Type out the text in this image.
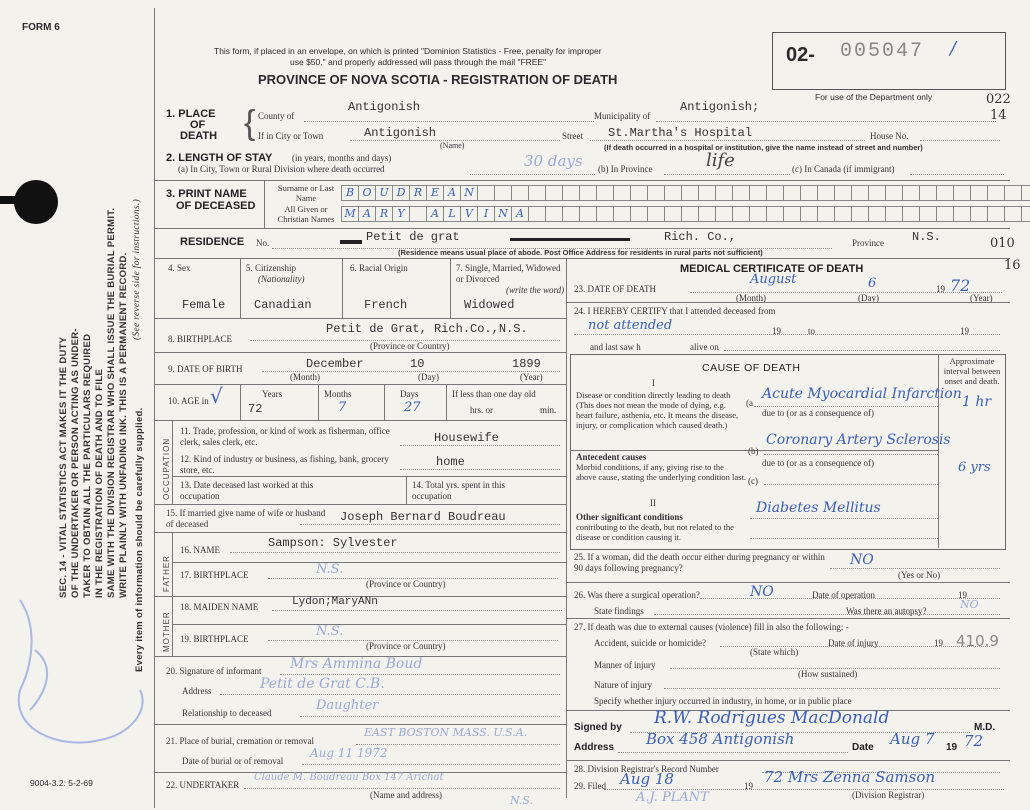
FORM 6
9004-3.2: 5-2-69
SEC. 14 - VITAL STATISTICS ACT MAKES IT THE DUTY OF THE UNDERTAKER OR PERSON ACTING AS UNDER- TAKER TO OBTAIN ALL THE PARTICULARS REQUIRED IN THE REGISTRATION OF DEATH AND TO FILE SAME WITH THE DIVISION REGISTRAR WHO SHALL ISSUE THE BURIAL PERMIT. WRITE PLAINLY WITH UNFADING INK. THIS IS A PERMANENT RECORD. (See reverse side for instructions.)
Every item of information should be carefully supplied.
This form, if placed in an envelope, on which is printed "Dominion Statistics - Free, penalty for improper
use $50," and properly addressed will pass through the mail "FREE"
PROVINCE OF NOVA SCOTIA - REGISTRATION OF DEATH
02- 005047 /
For use of the Department only	022
14
010
16
1. PLACE
OF
DEATH { County of
Antigonish
Municipality of
Antigonish;
If in City or Town	Antigonish
(Name)
Street St.Martha's Hospital	House No.
(If death occurred in a hospital or institution, give the name instead of street and number)
2. LENGTH OF STAY (in years, months and days)
(a) In City, Town or Rural Division where death occurred	30 days (b) In Province	life	(c) In Canada (if immigrant)
3. PRINT NAME
OF DECEASED
Surname or Last Name	B O U D R E A N
All Given or Christian Names M A R Y	A L V I N A
RESIDENCE No.	Petit de grat	Rich. Co.,	Province N.S.
(Residence means usual place of abode. Post Office Address for residents in rural parts not sufficient)
4. Sex
Female
5. Citizenship
(Nationality)
Canadian
6. Racial Origin
French
7. Single, Married, Widowed or Divorced
(write the word)
Widowed
8. BIRTHPLACE
Petit de Grat, Rich.Co.,N.S.
(Province or Country)
9. DATE OF BIRTH	December	10	1899
(Month)	(Day)	(Year)
10. AGE in √	Years
72
Months
7
Days
27
If less than one day old
hrs. or	min.
OCCUPATION
11. Trade, profession, or kind of work as fisherman, office clerk, sales clerk, etc.	Housewife
12. Kind of industry or business, as fishing, bank, grocery store, etc.
home
13. Date deceased last worked at this occupation
14. Total yrs. spent in this occupation
15. If married give name of wife or husband of deceased	Joseph Bernard Boudreau
FATHER
16. NAME	Sampson: Sylvester
17. BIRTHPLACE	N.S.
(Province or Country)
MOTHER
18. MAIDEN NAME	Lydon;MaryANn
19. BIRTHPLACE	N.S.
(Province or Country)
20. Signature of informant Mrs Ammina Boud
Address	Petit de Grat C.B.
Relationship to deceased	Daughter
21. Place of burial, cremation or removal
EAST BOSTON MASS. U.S.A.
Date of burial or of removal
Aug 11 1972
22. UNDERTAKER
Claude M. Boudreau Box 147 Arichat
N.S.
(Name and address)
MEDICAL CERTIFICATE OF DEATH
23. DATE OF DEATH
August	6	19 72
(Month)	(Day)	(Year)
24. I HEREBY CERTIFY that I attended deceased from
not attended	19	to	19
and last saw h	alive on
CAUSE OF DEATH
Approximate interval between onset and death.
I
Disease or condition directly leading to death (This does not mean the mode of dying, e.g. heart failure, asthenia, etc. It means the disease, injury, or complication which caused death.)
(a
Acute Myocardial Infarction 1 hr
due to (or as a consequence of)
Antecedent causes
Morbid conditions, if any, giving rise to the above cause, stating the underlying condition last.
(b)
Coronary Artery Sclerosis
6 yrs
due to (or as a consequence of)
(c)
II
Other significant conditions
contributing to the death, but not related to the disease or condition causing it.
Diabetes Mellitus
25. If a woman, did the death occur either during pregnancy or within 90 days following pregnancy?	NO
(Yes or No)
26. Was there a surgical operation?	NO	Date of operation	19
State findings	Was there an autopsy?	NO
27. If death was due to external causes (violence) fill in also the following: -
Accident, suicide or homicide?	Date of injury	19 410.9
(State which)
Manner of injury
(How sustained)
Nature of injury
Specify whether injury occurred in industry, in home, or in public place
Signed by R.W. Rodrigues MacDonald	M.D.
Address Box 458 Antigonish	Date Aug 7 19 72
28. Division Registrar's Record Number
29. Filed Aug 18	19 72 Mrs Zenna Samson
(Division Registrar)
A.J. PLANT
